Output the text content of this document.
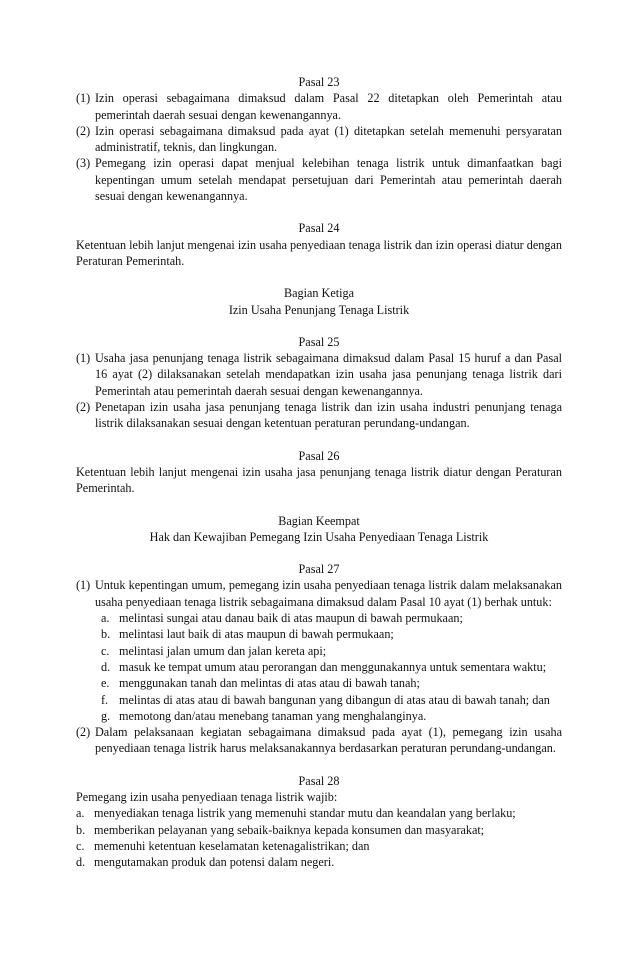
Pasal 23
(1) Izin operasi sebagaimana dimaksud dalam Pasal 22 ditetapkan oleh Pemerintah atau pemerintah daerah sesuai dengan kewenangannya.
(2) Izin operasi sebagaimana dimaksud pada ayat (1) ditetapkan setelah memenuhi persyaratan administratif, teknis, dan lingkungan.
(3) Pemegang izin operasi dapat menjual kelebihan tenaga listrik untuk dimanfaatkan bagi kepentingan umum setelah mendapat persetujuan dari Pemerintah atau pemerintah daerah sesuai dengan kewenangannya.
Pasal 24
Ketentuan lebih lanjut mengenai izin usaha penyediaan tenaga listrik dan izin operasi diatur dengan Peraturan Pemerintah.
Bagian Ketiga
Izin Usaha Penunjang Tenaga Listrik
Pasal 25
(1) Usaha jasa penunjang tenaga listrik sebagaimana dimaksud dalam Pasal 15 huruf a dan Pasal 16 ayat (2) dilaksanakan setelah mendapatkan izin usaha jasa penunjang tenaga listrik dari Pemerintah atau pemerintah daerah sesuai dengan kewenangannya.
(2) Penetapan izin usaha jasa penunjang tenaga listrik dan izin usaha industri penunjang tenaga listrik dilaksanakan sesuai dengan ketentuan peraturan perundang-undangan.
Pasal 26
Ketentuan lebih lanjut mengenai izin usaha jasa penunjang tenaga listrik diatur dengan Peraturan Pemerintah.
Bagian Keempat
Hak dan Kewajiban Pemegang Izin Usaha Penyediaan Tenaga Listrik
Pasal 27
(1) Untuk kepentingan umum, pemegang izin usaha penyediaan tenaga listrik dalam melaksanakan usaha penyediaan tenaga listrik sebagaimana dimaksud dalam Pasal 10 ayat (1) berhak untuk:
a. melintasi sungai atau danau baik di atas maupun di bawah permukaan;
b. melintasi laut baik di atas maupun di bawah permukaan;
c. melintasi jalan umum dan jalan kereta api;
d. masuk ke tempat umum atau perorangan dan menggunakannya untuk sementara waktu;
e. menggunakan tanah dan melintas di atas atau di bawah tanah;
f. melintas di atas atau di bawah bangunan yang dibangun di atas atau di bawah tanah; dan
g. memotong dan/atau menebang tanaman yang menghalanginya.
(2) Dalam pelaksanaan kegiatan sebagaimana dimaksud pada ayat (1), pemegang izin usaha penyediaan tenaga listrik harus melaksanakannya berdasarkan peraturan perundang-undangan.
Pasal 28
Pemegang izin usaha penyediaan tenaga listrik wajib:
a. menyediakan tenaga listrik yang memenuhi standar mutu dan keandalan yang berlaku;
b. memberikan pelayanan yang sebaik-baiknya kepada konsumen dan masyarakat;
c. memenuhi ketentuan keselamatan ketenagalistrikan; dan
d. mengutamakan produk dan potensi dalam negeri.
